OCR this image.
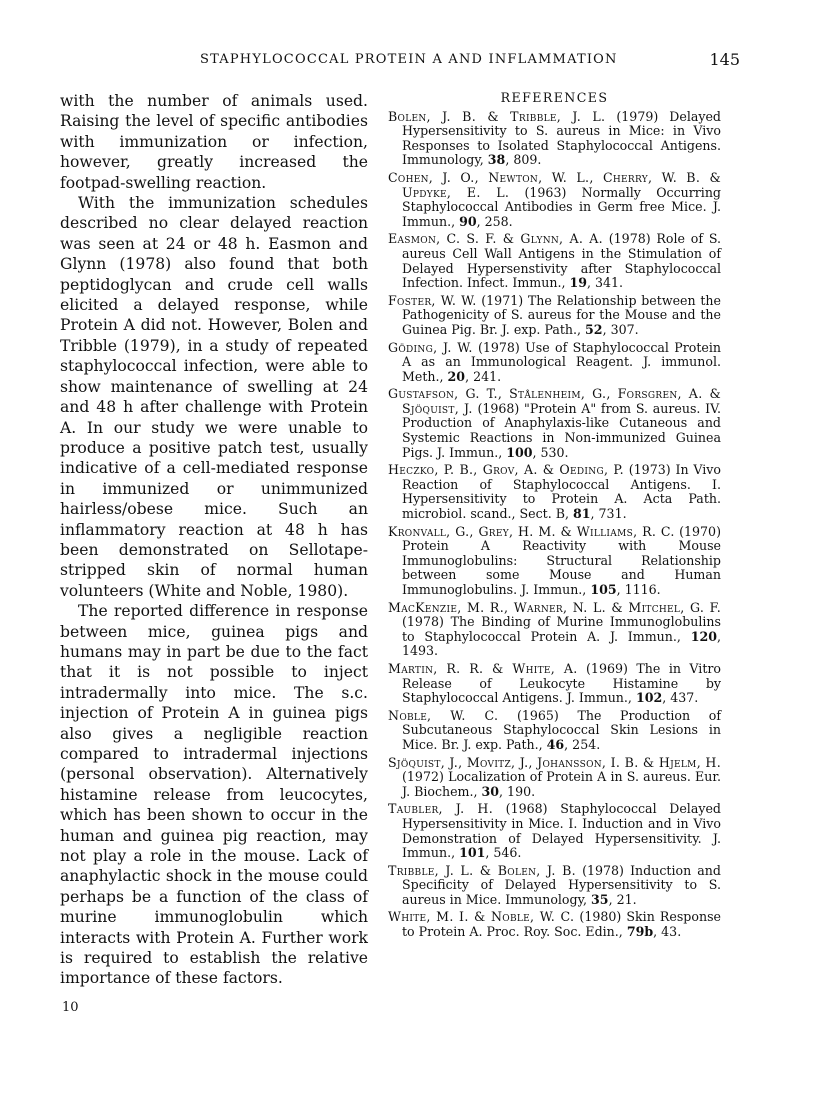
STAPHYLOCOCCAL PROTEIN A AND INFLAMMATION	145

with the number of animals used. Raising the level of specific antibodies with immunization or infection, however, greatly increased the footpad-swelling reaction.

With the immunization schedules described no clear delayed reaction was seen at 24 or 48 h. Easmon and Glynn (1978) also found that both peptidoglycan and crude cell walls elicited a delayed response, while Protein A did not. However, Bolen and Tribble (1979), in a study of repeated staphylococcal infection, were able to show maintenance of swelling at 24 and 48 h after challenge with Protein A. In our study we were unable to produce a positive patch test, usually indicative of a cell-mediated response in immunized or unimmunized hairless/obese mice. Such an inflammatory reaction at 48 h has been demonstrated on Sellotape-stripped skin of normal human volunteers (White and Noble, 1980).

The reported difference in response between mice, guinea pigs and humans may in part be due to the fact that it is not possible to inject intradermally into mice. The s.c. injection of Protein A in guinea pigs also gives a negligible reaction compared to intradermal injections (personal observation). Alternatively histamine release from leucocytes, which has been shown to occur in the human and guinea pig reaction, may not play a role in the mouse. Lack of anaphylactic shock in the mouse could perhaps be a function of the class of murine immunoglobulin which interacts with Protein A. Further work is required to establish the relative importance of these factors.

REFERENCES

Bolen, J. B. & Tribble, J. L. (1979) Delayed Hypersensitivity to S. aureus in Mice: in Vivo Responses to Isolated Staphylococcal Antigens. Immunology, 38, 809.

Cohen, J. O., Newton, W. L., Cherry, W. B. & Updyke, E. L. (1963) Normally Occurring Staphylococcal Antibodies in Germ free Mice. J. Immun., 90, 258.

Easmon, C. S. F. & Glynn, A. A. (1978) Role of S. aureus Cell Wall Antigens in the Stimulation of Delayed Hypersenstivity after Staphylococcal Infection. Infect. Immun., 19, 341.

Foster, W. W. (1971) The Relationship between the Pathogenicity of S. aureus for the Mouse and the Guinea Pig. Br. J. exp. Path., 52, 307.

Göding, J. W. (1978) Use of Staphylococcal Protein A as an Immunological Reagent. J. immunol. Meth., 20, 241.

Gustafson, G. T., Stålenheim, G., Forsgren, A. & Sjöquist, J. (1968) "Protein A" from S. aureus. IV. Production of Anaphylaxis-like Cutaneous and Systemic Reactions in Non-immunized Guinea Pigs. J. Immun., 100, 530.

Heczko, P. B., Grov, A. & Oeding, P. (1973) In Vivo Reaction of Staphylococcal Antigens. I. Hypersensitivity to Protein A. Acta Path. microbiol. scand., Sect. B, 81, 731.

Kronvall, G., Grey, H. M. & Williams, R. C. (1970) Protein A Reactivity with Mouse Immunoglobulins: Structural Relationship between some Mouse and Human Immunoglobulins. J. Immun., 105, 1116.

MacKenzie, M. R., Warner, N. L. & Mitchel, G. F. (1978) The Binding of Murine Immunoglobulins to Staphylococcal Protein A. J. Immun., 120, 1493.

Martin, R. R. & White, A. (1969) The in Vitro Release of Leukocyte Histamine by Staphylococcal Antigens. J. Immun., 102, 437.

Noble, W. C. (1965) The Production of Subcutaneous Staphylococcal Skin Lesions in Mice. Br. J. exp. Path., 46, 254.

Sjöquist, J., Movitz, J., Johansson, I. B. & Hjelm, H. (1972) Localization of Protein A in S. aureus. Eur. J. Biochem., 30, 190.

Taubler, J. H. (1968) Staphylococcal Delayed Hypersensitivity in Mice. I. Induction and in Vivo Demonstration of Delayed Hypersensitivity. J. Immun., 101, 546.

Tribble, J. L. & Bolen, J. B. (1978) Induction and Specificity of Delayed Hypersensitivity to S. aureus in Mice. Immunology, 35, 21.

White, M. I. & Noble, W. C. (1980) Skin Response to Protein A. Proc. Roy. Soc. Edin., 79b, 43.

10
